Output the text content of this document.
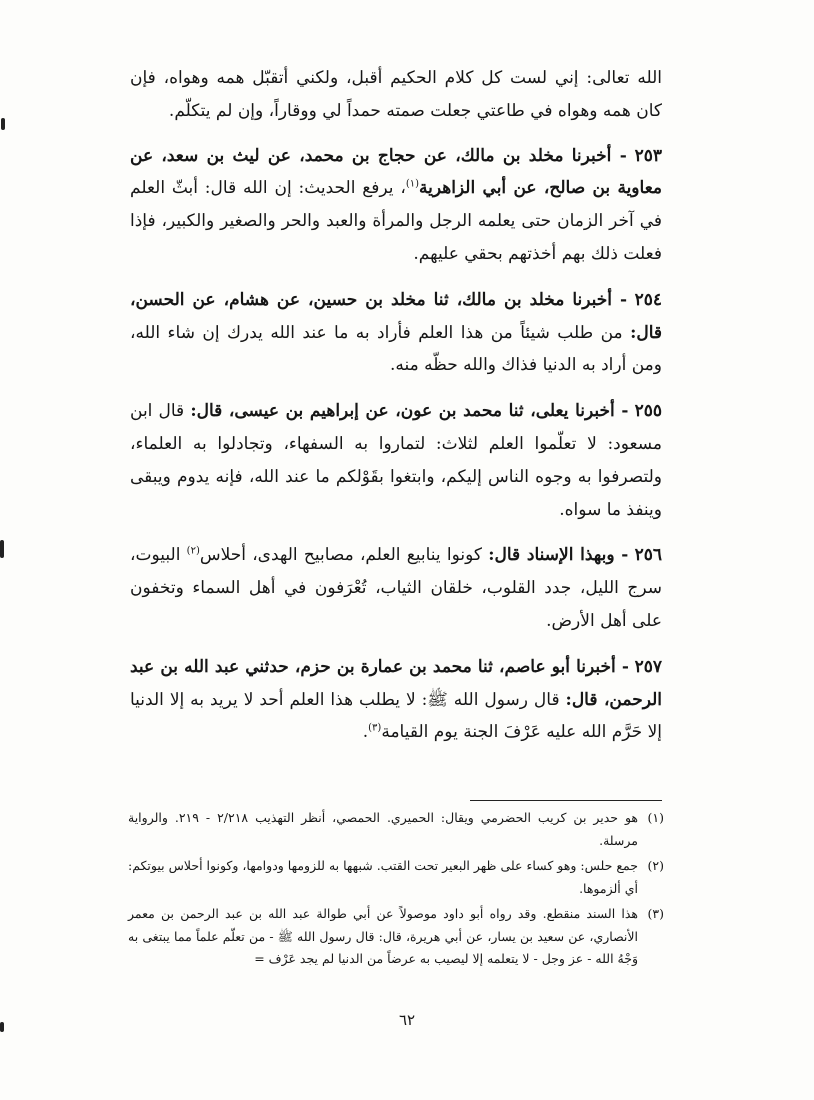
الله تعالى: إني لست كل كلام الحكيم أقبل، ولكني أتقبّل همه وهواه، فإن كان همه وهواه في طاعتي جعلت صمته حمداً لي ووقاراً، وإن لم يتكلّم.

٢٥٣ - أخبرنا مخلد بن مالك، عن حجاج بن محمد، عن ليث بن سعد، عن معاوية بن صالح، عن أبي الزاهرية$^{(١)}$، يرفع الحديث: إن الله قال: أبثّ العلم في آخر الزمان حتى يعلمه الرجل والمرأة والعبد والحر والصغير والكبير، فإذا فعلت ذلك بهم أخذتهم بحقي عليهم.

٢٥٤ - أخبرنا مخلد بن مالك، ثنا مخلد بن حسين، عن هشام، عن الحسن، قال: من طلب شيئاً من هذا العلم فأراد به ما عند الله يدرك إن شاء الله، ومن أراد به الدنيا فذاك والله حظّه منه.

٢٥٥ - أخبرنا يعلى، ثنا محمد بن عون، عن إبراهيم بن عيسى، قال: قال ابن مسعود: لا تعلّموا العلم لثلاث: لتماروا به السفهاء، وتجادلوا به العلماء، ولتصرفوا به وجوه الناس إليكم، وابتغوا بقَوْلكم ما عند الله، فإنه يدوم ويبقى وينفذ ما سواه.

٢٥٦ - وبهذا الإسناد قال: كونوا ينابيع العلم، مصابيح الهدى، أحلاس$^{(٢)}$ البيوت، سرج الليل، جدد القلوب، خلقان الثياب، تُعْرَفون في أهل السماء وتخفون على أهل الأرض.

٢٥٧ - أخبرنا أبو عاصم، ثنا محمد بن عمارة بن حزم، حدثني عبد الله بن عبد الرحمن، قال: قال رسول الله ﷺ: لا يطلب هذا العلم أحد لا يريد به إلا الدنيا إلا حَرَّم الله عليه عَرْفَ الجنة يوم القيامة$^{(٣)}$.

(١)
هو حدير بن كريب الحضرمي ويقال: الحميري. الحمصي، أنظر التهذيب ٢/٢١٨ - ٢١٩. والرواية مرسلة.
(٢)
جمع حلس: وهو كساء على ظهر البعير تحت القتب. شبهها به للزومها ودوامها، وكونوا أحلاس بيوتكم: أي ألزموها.
(٣)
هذا السند منقطع. وقد رواه أبو داود موصولاً عن أبي طوالة عبد الله بن عبد الرحمن بن معمر الأنصاري، عن سعيد بن يسار، عن أبي هريرة، قال: قال رسول الله ﷺ - من تعلّم علماً مما يبتغى به وَجْهُ الله - عز وجل - لا يتعلمه إلا ليصيب به عرضاً من الدنيا لم يجد عَرْف =
٦٢
